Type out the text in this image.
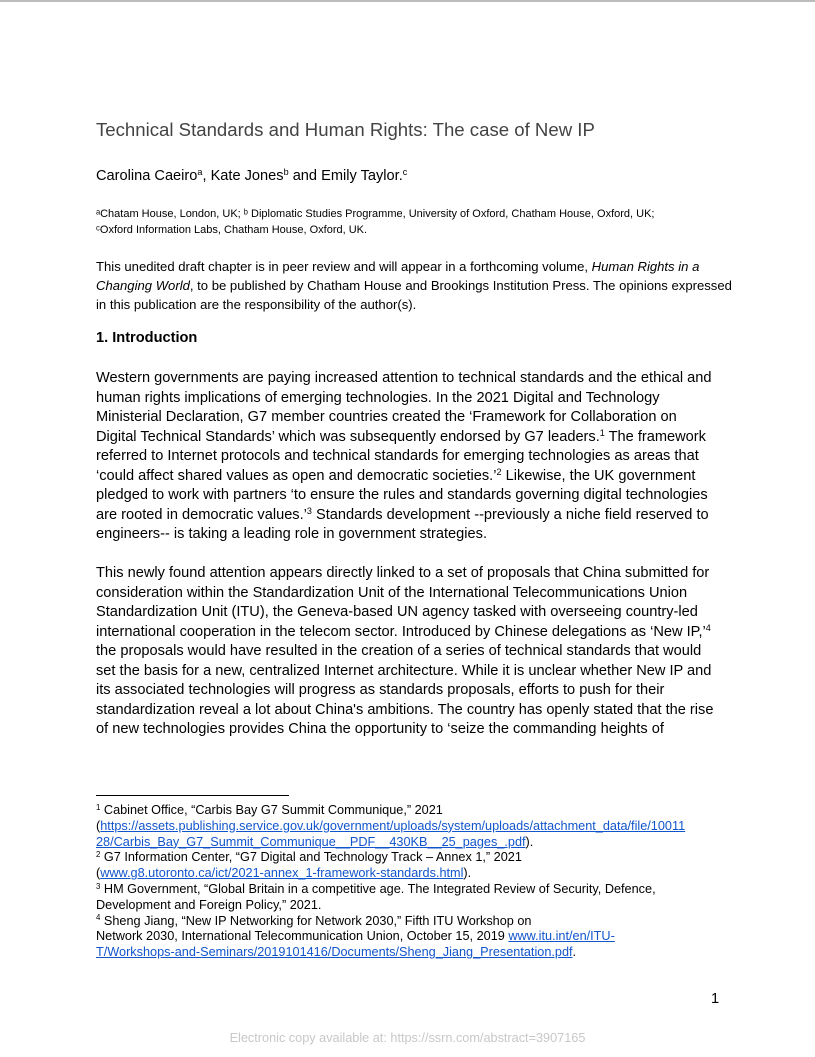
Technical Standards and Human Rights: The case of New IP
Carolina Caeiro$^a$, Kate Jones$^b$ and Emily Taylor.$^c$
ᵃChatam House, London, UK; ᵇ Diplomatic Studies Programme, University of Oxford, Chatham House, Oxford, UK;
ᶜOxford Information Labs, Chatham House, Oxford, UK.
This unedited draft chapter is in peer review and will appear in a forthcoming volume, Human Rights in a Changing World, to be published by Chatham House and Brookings Institution Press. The opinions expressed in this publication are the responsibility of the author(s).
1. Introduction
Western governments are paying increased attention to technical standards and the ethical and
human rights implications of emerging technologies. In the 2021 Digital and Technology
Ministerial Declaration, G7 member countries created the ‘Framework for Collaboration on
Digital Technical Standards’ which was subsequently endorsed by G7 leaders.$^1$ The framework
referred to Internet protocols and technical standards for emerging technologies as areas that
‘could affect shared values as open and democratic societies.’$^2$ Likewise, the UK government
pledged to work with partners ‘to ensure the rules and standards governing digital technologies
are rooted in democratic values.’$^3$ Standards development --previously a niche field reserved to
engineers-- is taking a leading role in government strategies.
This newly found attention appears directly linked to a set of proposals that China submitted for
consideration within the Standardization Unit of the International Telecommunications Union
Standardization Unit (ITU), the Geneva-based UN agency tasked with overseeing country-led
international cooperation in the telecom sector. Introduced by Chinese delegations as ‘New IP,’$^4$
the proposals would have resulted in the creation of a series of technical standards that would
set the basis for a new, centralized Internet architecture. While it is unclear whether New IP and
its associated technologies will progress as standards proposals, efforts to push for their
standardization reveal a lot about China's ambitions. The country has openly stated that the rise
of new technologies provides China the opportunity to ‘seize the commanding heights of
$^1$ Cabinet Office, “Carbis Bay G7 Summit Communique,” 2021
(https://assets.publishing.service.gov.uk/government/uploads/system/uploads/attachment_data/file/10011
28/Carbis_Bay_G7_Summit_Communique__PDF__430KB__25_pages_.pdf).
$^2$ G7 Information Center, “G7 Digital and Technology Track – Annex 1,” 2021
(www.g8.utoronto.ca/ict/2021-annex_1-framework-standards.html).
$^3$ HM Government, “Global Britain in a competitive age. The Integrated Review of Security, Defence,
Development and Foreign Policy,” 2021.
$^4$ Sheng Jiang, “New IP Networking for Network 2030,” Fifth ITU Workshop on
Network 2030, International Telecommunication Union, October 15, 2019 www.itu.int/en/ITU-
T/Workshops-and-Seminars/2019101416/Documents/Sheng_Jiang_Presentation.pdf.
1
Electronic copy available at: https://ssrn.com/abstract=3907165
